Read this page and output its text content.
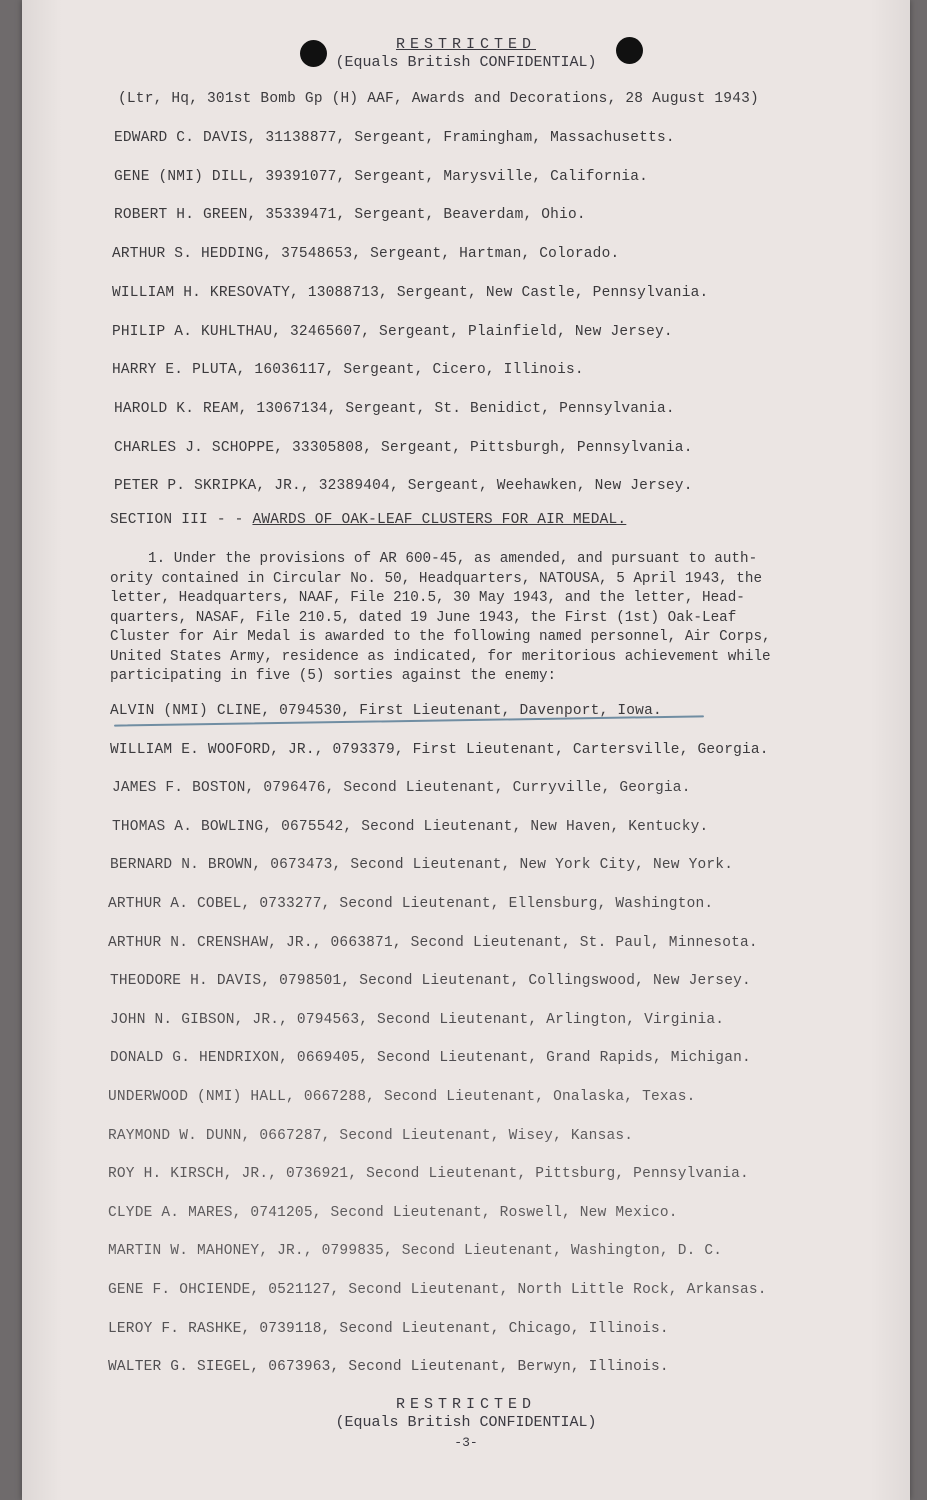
RESTRICTED
(Equals British CONFIDENTIAL)
(Ltr, Hq, 301st Bomb Gp (H) AAF, Awards and Decorations, 28 August 1943)
EDWARD C. DAVIS, 31138877, Sergeant, Framingham, Massachusetts.
GENE (NMI) DILL, 39391077, Sergeant, Marysville, California.
ROBERT H. GREEN, 35339471, Sergeant, Beaverdam, Ohio.
ARTHUR S. HEDDING, 37548653, Sergeant, Hartman, Colorado.
WILLIAM H. KRESOVATY, 13088713, Sergeant, New Castle, Pennsylvania.
PHILIP A. KUHLTHAU, 32465607, Sergeant, Plainfield, New Jersey.
HARRY E. PLUTA, 16036117, Sergeant, Cicero, Illinois.
HAROLD K. REAM, 13067134, Sergeant, St. Benidict, Pennsylvania.
CHARLES J. SCHOPPE, 33305808, Sergeant, Pittsburgh, Pennsylvania.
PETER P. SKRIPKA, JR., 32389404, Sergeant, Weehawken, New Jersey.
SECTION III - - AWARDS OF OAK-LEAF CLUSTERS FOR AIR MEDAL.
1. Under the provisions of AR 600-45, as amended, and pursuant to auth-
ority contained in Circular No. 50, Headquarters, NATOUSA, 5 April 1943, the
letter, Headquarters, NAAF, File 210.5, 30 May 1943, and the letter, Head-
quarters, NASAF, File 210.5, dated 19 June 1943, the First (1st) Oak-Leaf
Cluster for Air Medal is awarded to the following named personnel, Air Corps,
United States Army, residence as indicated, for meritorious achievement while
participating in five (5) sorties against the enemy:
ALVIN (NMI) CLINE, 0794530, First Lieutenant, Davenport, Iowa.
WILLIAM E. WOOFORD, JR., 0793379, First Lieutenant, Cartersville, Georgia.
JAMES F. BOSTON, 0796476, Second Lieutenant, Curryville, Georgia.
THOMAS A. BOWLING, 0675542, Second Lieutenant, New Haven, Kentucky.
BERNARD N. BROWN, 0673473, Second Lieutenant, New York City, New York.
ARTHUR A. COBEL, 0733277, Second Lieutenant, Ellensburg, Washington.
ARTHUR N. CRENSHAW, JR., 0663871, Second Lieutenant, St. Paul, Minnesota.
THEODORE H. DAVIS, 0798501, Second Lieutenant, Collingswood, New Jersey.
JOHN N. GIBSON, JR., 0794563, Second Lieutenant, Arlington, Virginia.
DONALD G. HENDRIXON, 0669405, Second Lieutenant, Grand Rapids, Michigan.
UNDERWOOD (NMI) HALL, 0667288, Second Lieutenant, Onalaska, Texas.
RAYMOND W. DUNN, 0667287, Second Lieutenant, Wisey, Kansas.
ROY H. KIRSCH, JR., 0736921, Second Lieutenant, Pittsburg, Pennsylvania.
CLYDE A. MARES, 0741205, Second Lieutenant, Roswell, New Mexico.
MARTIN W. MAHONEY, JR., 0799835, Second Lieutenant, Washington, D. C.
GENE F. OHCIENDE, 0521127, Second Lieutenant, North Little Rock, Arkansas.
LEROY F. RASHKE, 0739118, Second Lieutenant, Chicago, Illinois.
WALTER G. SIEGEL, 0673963, Second Lieutenant, Berwyn, Illinois.
RESTRICTED
(Equals British CONFIDENTIAL)
-3-
